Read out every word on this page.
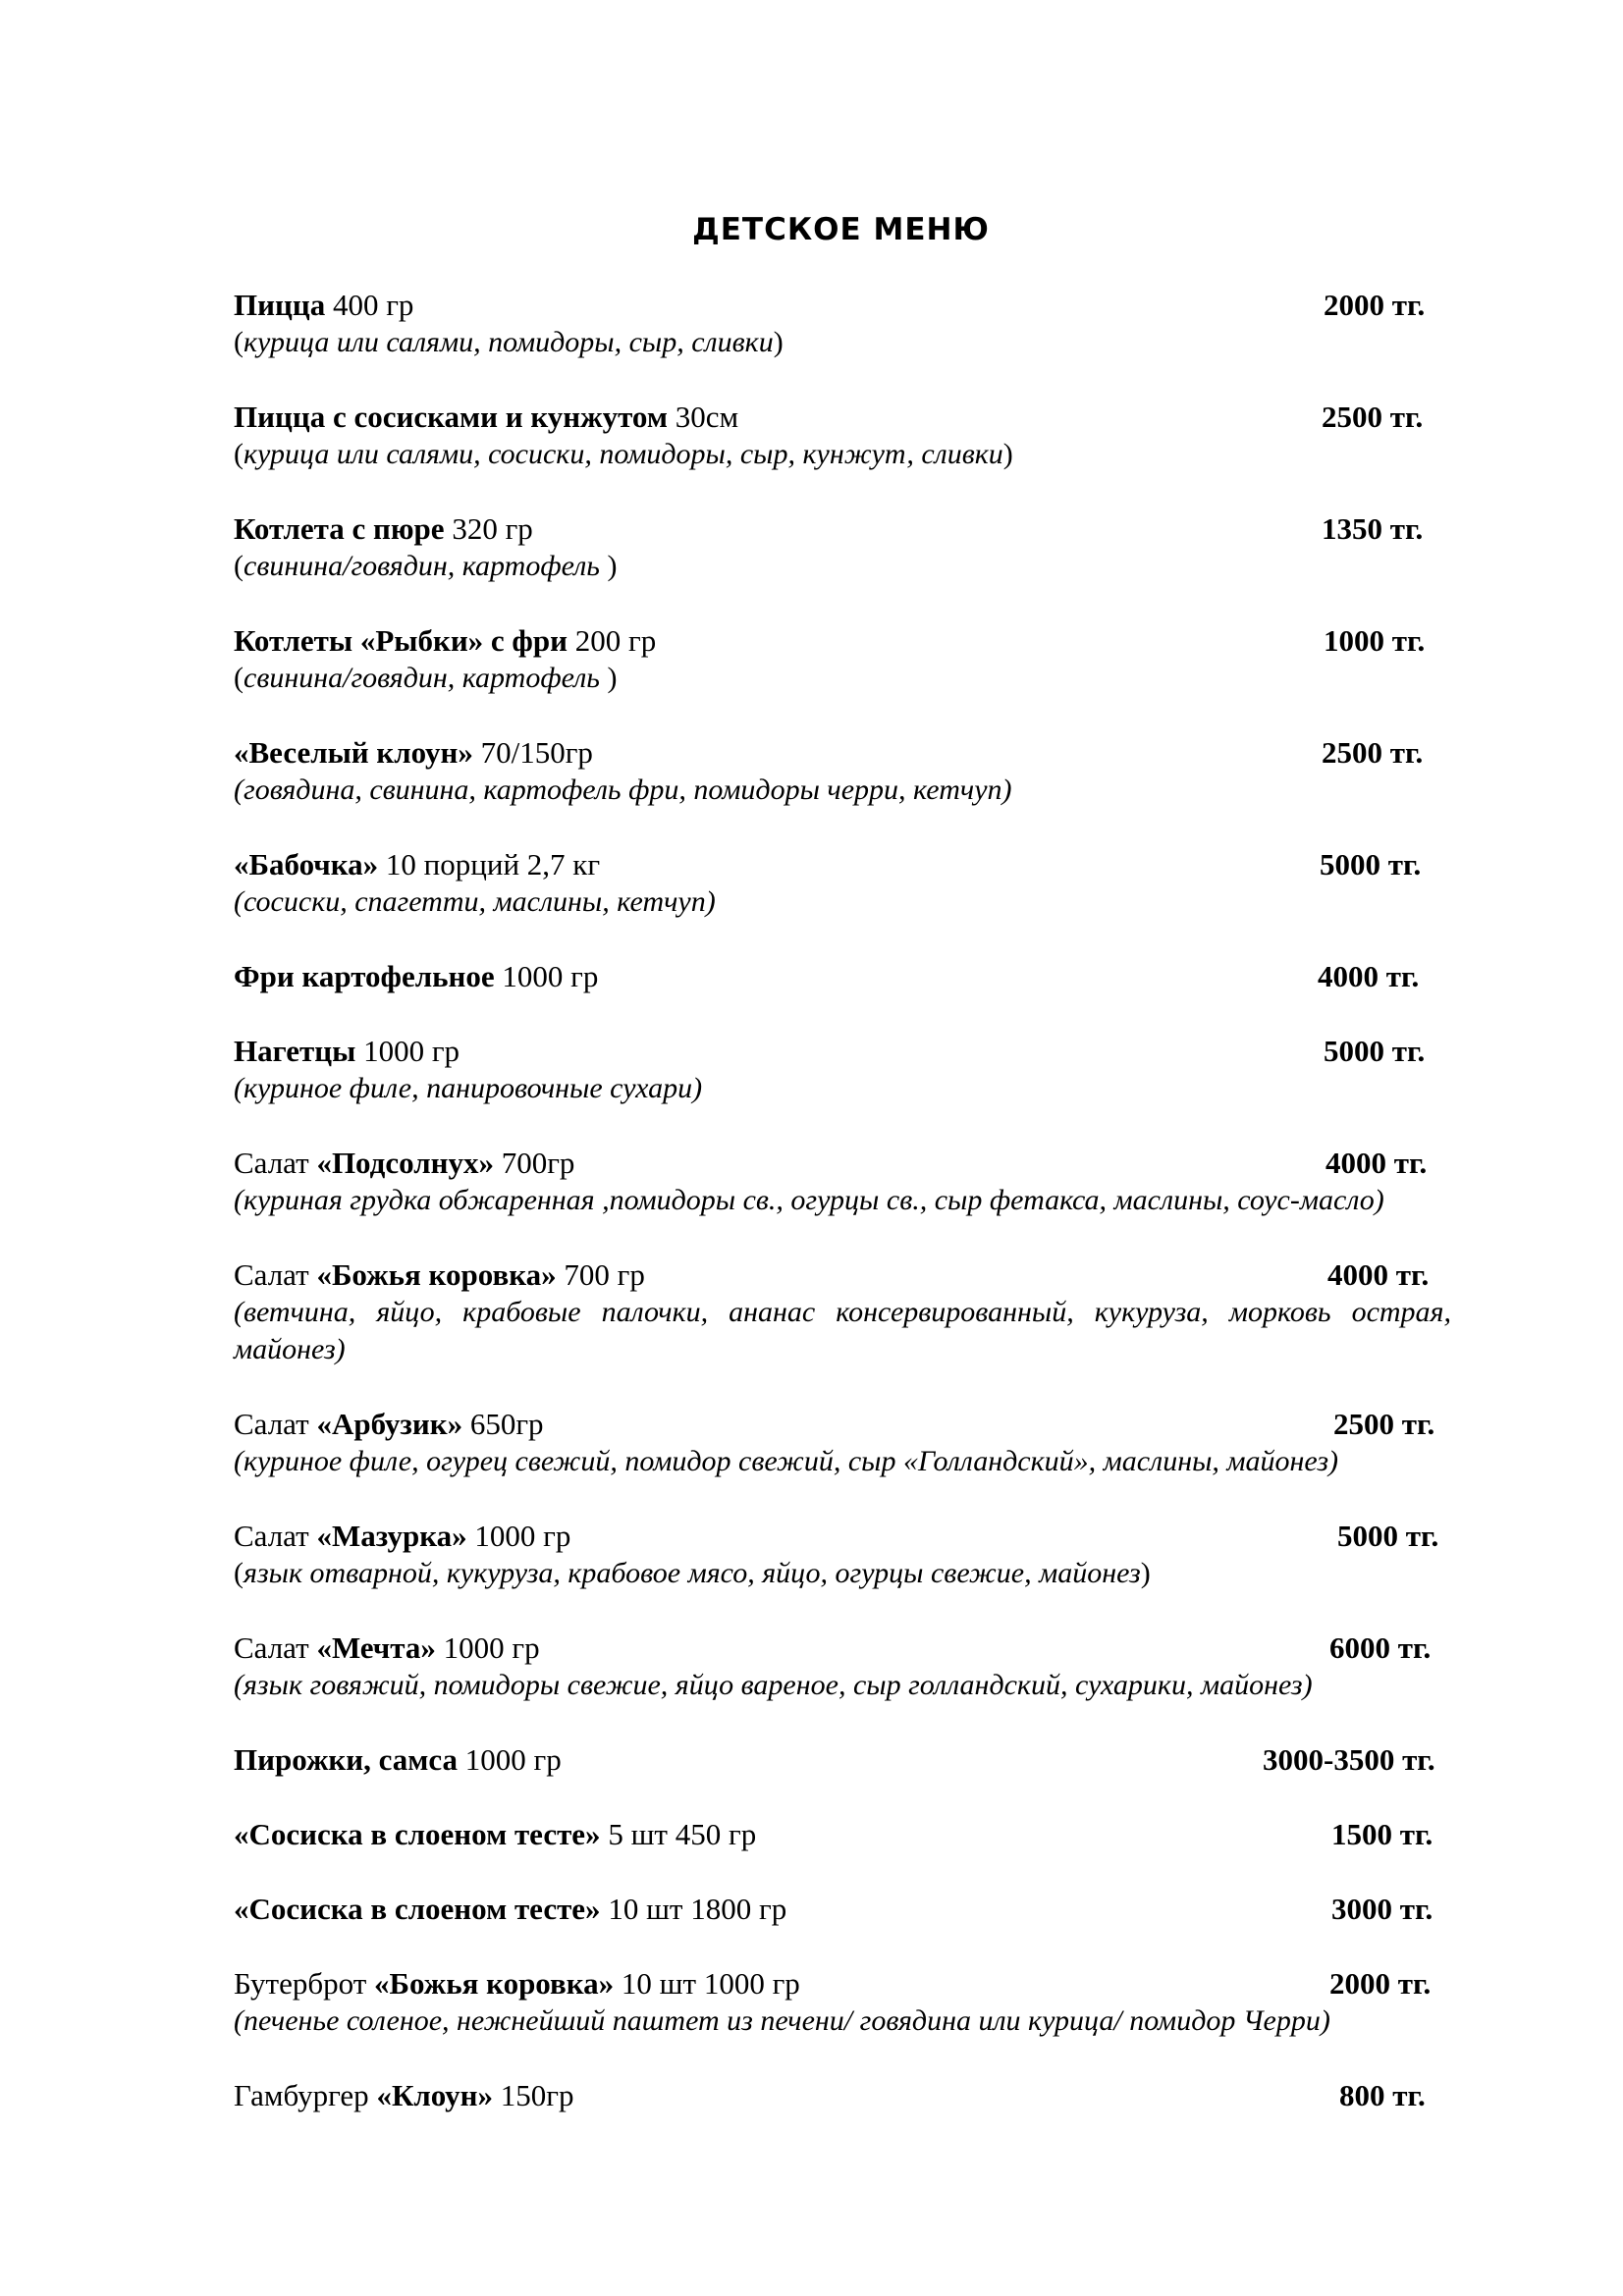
ДЕТСКОЕ МЕНЮ
Пицца 400 гр	2000 тг.
(курица или салями, помидоры, сыр, сливки)
Пицца с сосисками и кунжутом 30см	2500 тг.
(курица или салями, сосиски, помидоры, сыр, кунжут, сливки)
Котлета с пюре 320 гр	1350 тг.
(свинина/говядин, картофель )
Котлеты «Рыбки» с фри 200 гр	1000 тг.
(свинина/говядин, картофель )
«Веселый клоун» 70/150гр	2500 тг.
(говядина, свинина, картофель фри, помидоры черри, кетчуп)
«Бабочка» 10 порций 2,7 кг	5000 тг.
(сосиски, спагетти, маслины, кетчуп)
Фри картофельное 1000 гр	4000 тг.
Нагетцы 1000 гр	5000 тг.
(куриное филе, панировочные сухари)
Салат «Подсолнух» 700гр	4000 тг.
(куриная грудка обжаренная ,помидоры св., огурцы св., сыр фетакса, маслины, соус-масло)
Салат «Божья коровка» 700 гр	4000 тг.
(ветчина, яйцо, крабовые палочки, ананас консервированный, кукуруза, морковь острая, майонез)
Салат «Арбузик» 650гр	2500 тг.
(куриное филе, огурец свежий, помидор свежий, сыр «Голландский», маслины, майонез)
Салат «Мазурка» 1000 гр	5000 тг.
(язык отварной, кукуруза, крабовое мясо, яйцо, огурцы свежие, майонез)
Салат «Мечта» 1000 гр	6000 тг.
(язык говяжий, помидоры свежие, яйцо вареное, сыр голландский, сухарики, майонез)
Пирожки, самса 1000 гр	3000-3500 тг.
«Сосиска в слоеном тесте» 5 шт 450 гр	1500 тг.
«Сосиска в слоеном тесте» 10 шт 1800 гр	3000 тг.
Бутерброт «Божья коровка» 10 шт 1000 гр	2000 тг.
(печенье соленое, нежнейший паштет из печени/ говядина или курица/ помидор Черри)
Гамбургер «Клоун» 150гр	800 тг.
